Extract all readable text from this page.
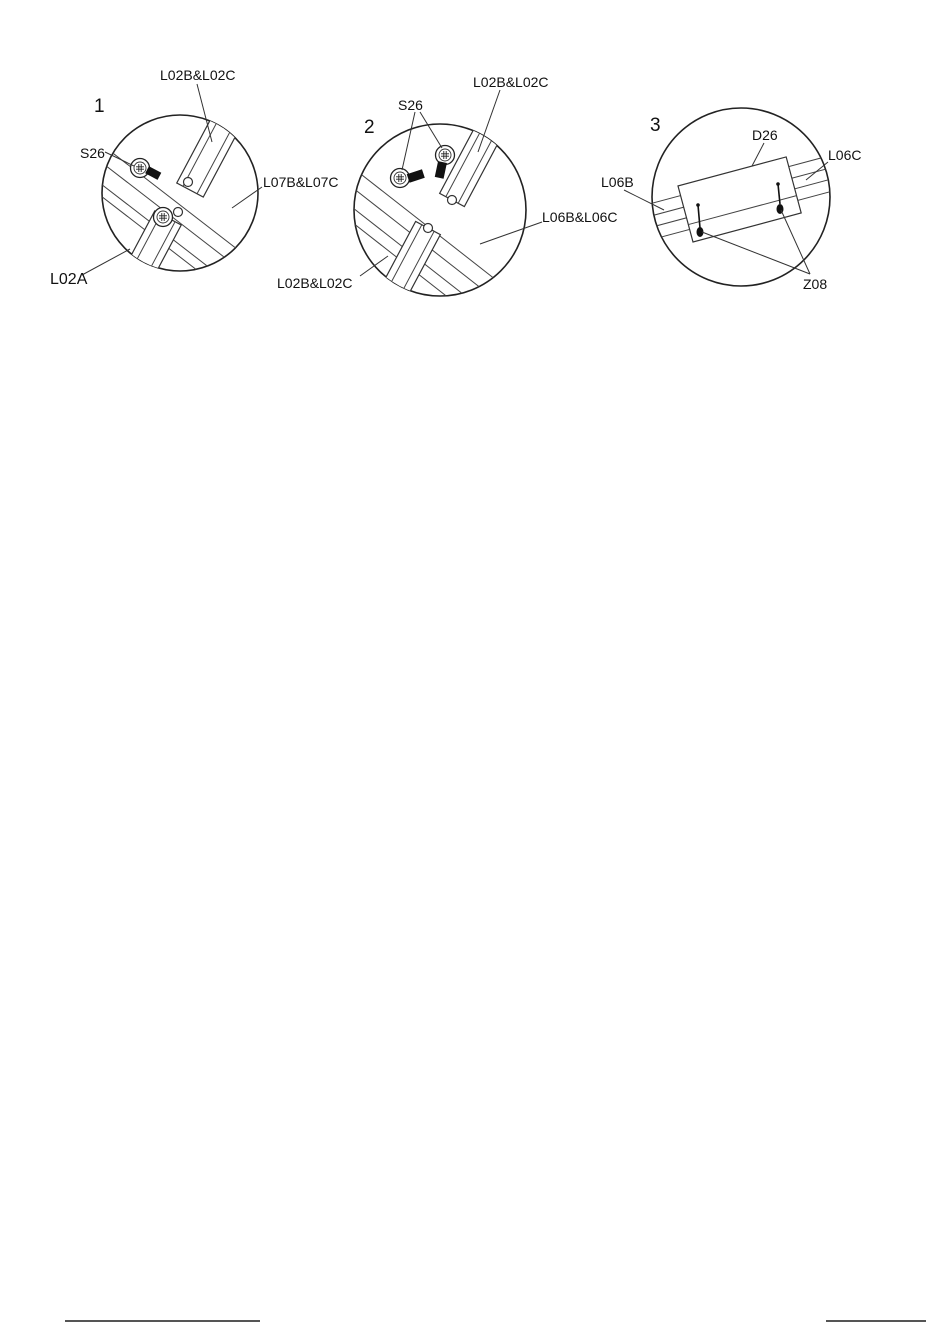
1
L02B&L02C
S26
L07B&L07C
L02A
2
S26
L02B&L02C
L06B&L06C
L02B&L02C
3	D26
L06C
L06B
Z08
